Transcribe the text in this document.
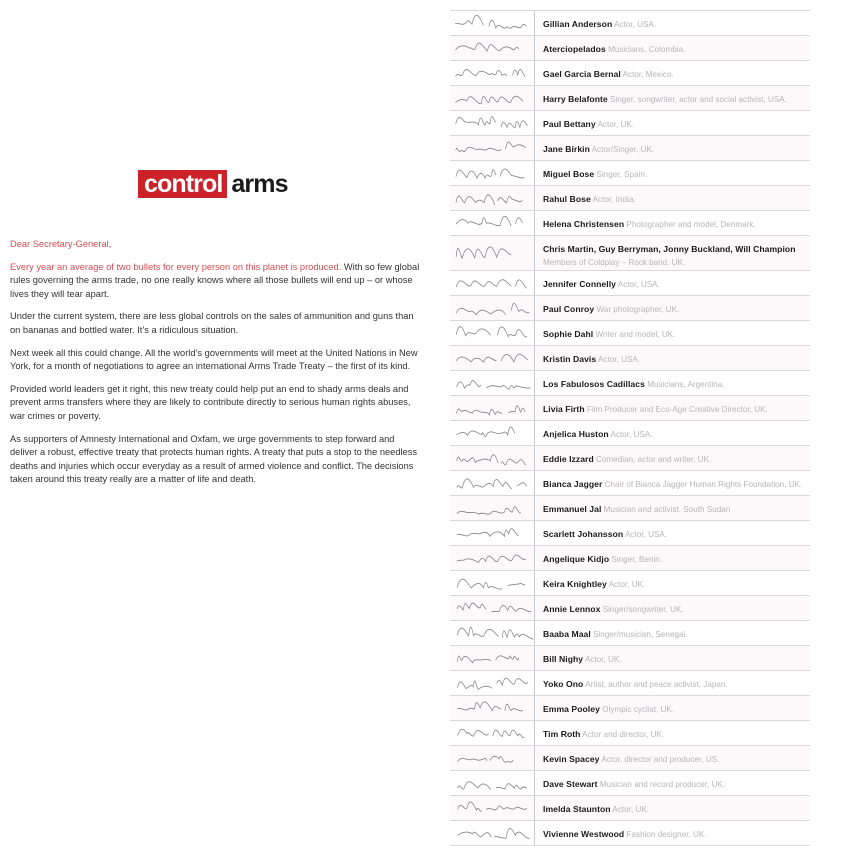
control arms

Dear Secretary-General,

Every year an average of two bullets for every person on this planet is produced. With so few global rules governing the arms trade, no one really knows where all those bullets will end up – or whose lives they will tear apart.

Under the current system, there are less global controls on the sales of ammunition and guns than on bananas and bottled water. It’s a ridiculous situation.

Next week all this could change. All the world’s governments will meet at the United Nations in New York, for a month of negotiations to agree an international Arms Trade Treaty – the first of its kind.

Provided world leaders get it right, this new treaty could help put an end to shady arms deals and prevent arms transfers where they are likely to contribute directly to serious human rights abuses, war crimes or poverty.

As supporters of Amnesty International and Oxfam, we urge governments to step forward and deliver a robust, effective treaty that protects human rights. A treaty that puts a stop to the needless deaths and injuries which occur everyday as a result of armed violence and conflict. The decisions taken around this treaty really are a matter of life and death.

Gillian Anderson Actor, USA.
Aterciopelados Musicians, Colombia.
Gael Garcia Bernal Actor, Mexico.
Harry Belafonte Singer, songwriter, actor and social activist, USA.
Paul Bettany Actor, UK.
Jane Birkin Actor/Singer, UK.
Miguel Bose Singer, Spain.
Rahul Bose Actor, India.
Helena Christensen Photographer and model, Denmark.
Chris Martin, Guy Berryman, Jonny Buckland, Will Champion
Members of Coldplay – Rock band, UK.
Jennifer Connelly Actor, USA.
Paul Conroy War photographer, UK.
Sophie Dahl Writer and model, UK.
Kristin Davis Actor, USA.
Los Fabulosos Cadillacs Musicians, Argentina.
Livia Firth Film Producer and Eco-Age Creative Director, UK.
Anjelica Huston Actor, USA.
Eddie Izzard Comedian, actor and writer, UK.
Bianca Jagger Chair of Bianca Jagger Human Rights Foundation, UK.
Emmanuel Jal Musician and activist, South Sudan
Scarlett Johansson Actor, USA.
Angelique Kidjo Singer, Benin.
Keira Knightley Actor, UK.
Annie Lennox Singer/songwriter, UK.
Baaba Maal Singer/musician, Senegal.
Bill Nighy Actor, UK.
Yoko Ono Artist, author and peace activist, Japan.
Emma Pooley Olympic cyclist, UK.
Tim Roth Actor and director, UK.
Kevin Spacey Actor, director and producer, US.
Dave Stewart Musician and record producer, UK.
Imelda Staunton Actor, UK.
Vivienne Westwood Fashion designer, UK.
